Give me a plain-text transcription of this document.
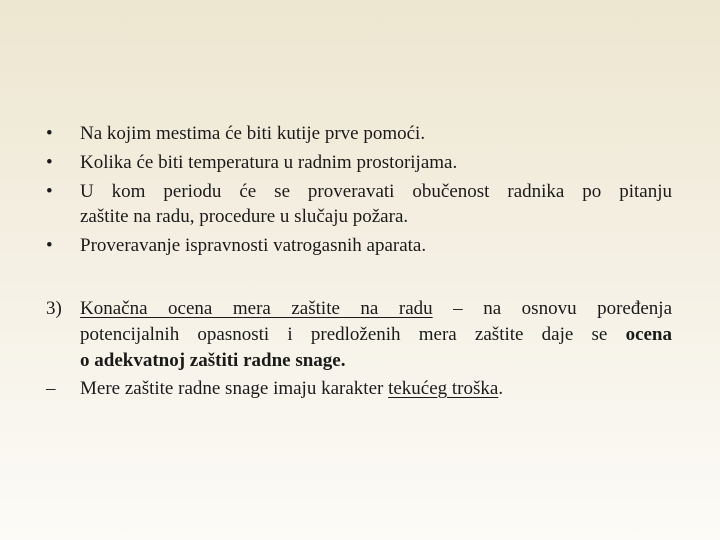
•	Na kojim mestima će biti kutije prve pomoći.
•	Kolika će biti temperatura u radnim prostorijama.
•	U kom periodu će se proveravati obučenost radnika po pitanju
zaštite na radu, procedure u slučaju požara.
•	Proveravanje ispravnosti vatrogasnih aparata.
3) Konačna ocena mera zaštite na radu – na osnovu poređenja
potencijalnih opasnosti i predloženih mera zaštite daje se ocena
o adekvatnoj zaštiti radne snage.
– Mere zaštite radne snage imaju karakter tekućeg troška.
